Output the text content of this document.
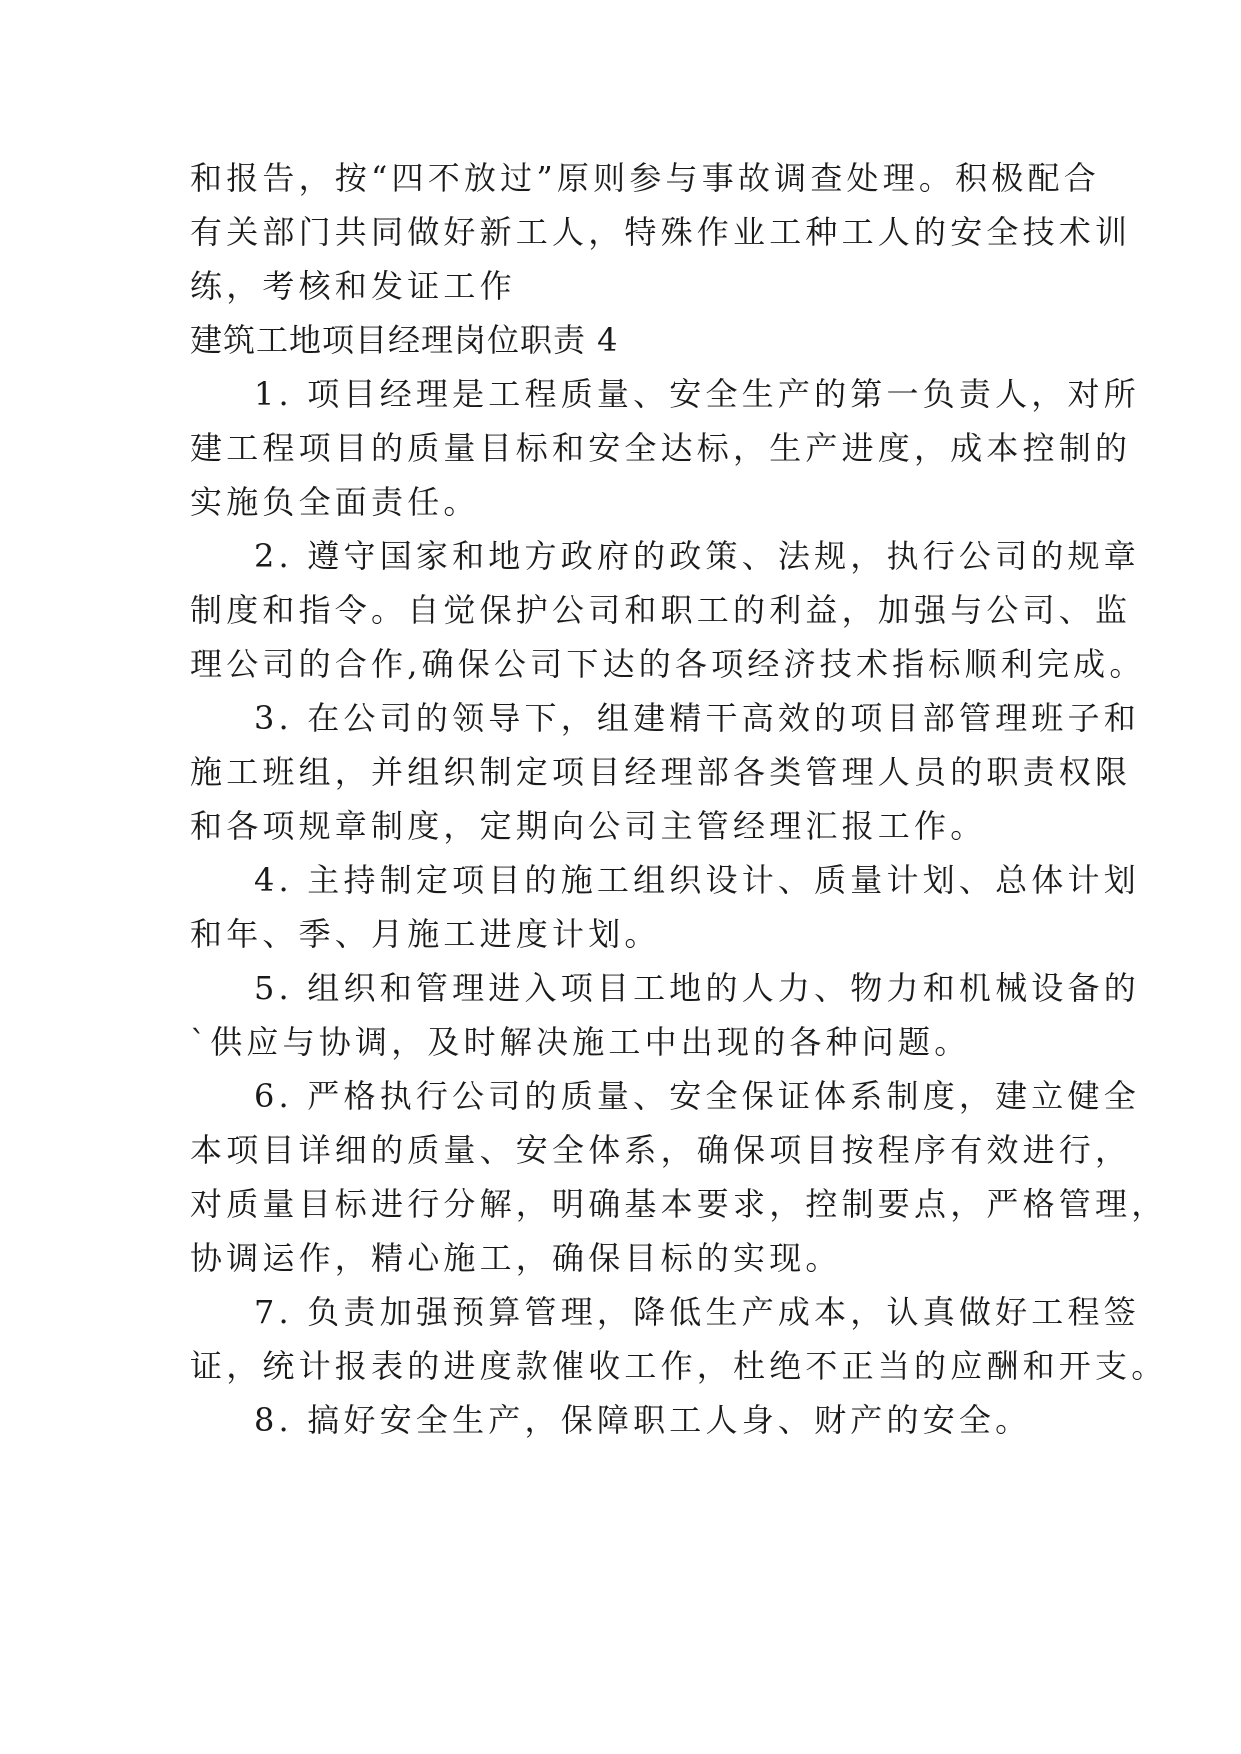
和报告，按“四不放过”原则参与事故调查处理。积极配合
有关部门共同做好新工人，特殊作业工种工人的安全技术训
练，考核和发证工作
建筑工地项目经理岗位职责 4
1. 项目经理是工程质量、安全生产的第一负责人，对所
建工程项目的质量目标和安全达标，生产进度，成本控制的
实施负全面责任。
2. 遵守国家和地方政府的政策、法规，执行公司的规章
制度和指令。自觉保护公司和职工的利益，加强与公司、监
理公司的合作,确保公司下达的各项经济技术指标顺利完成。
3. 在公司的领导下，组建精干高效的项目部管理班子和
施工班组，并组织制定项目经理部各类管理人员的职责权限
和各项规章制度，定期向公司主管经理汇报工作。
4. 主持制定项目的施工组织设计、质量计划、总体计划
和年、季、月施工进度计划。
5. 组织和管理进入项目工地的人力、物力和机械设备的
`供应与协调，及时解决施工中出现的各种问题。
6. 严格执行公司的质量、安全保证体系制度，建立健全
本项目详细的质量、安全体系，确保项目按程序有效进行，
对质量目标进行分解，明确基本要求，控制要点，严格管理，
协调运作，精心施工，确保目标的实现。
7. 负责加强预算管理，降低生产成本，认真做好工程签
证，统计报表的进度款催收工作，杜绝不正当的应酬和开支。
8. 搞好安全生产，保障职工人身、财产的安全。
